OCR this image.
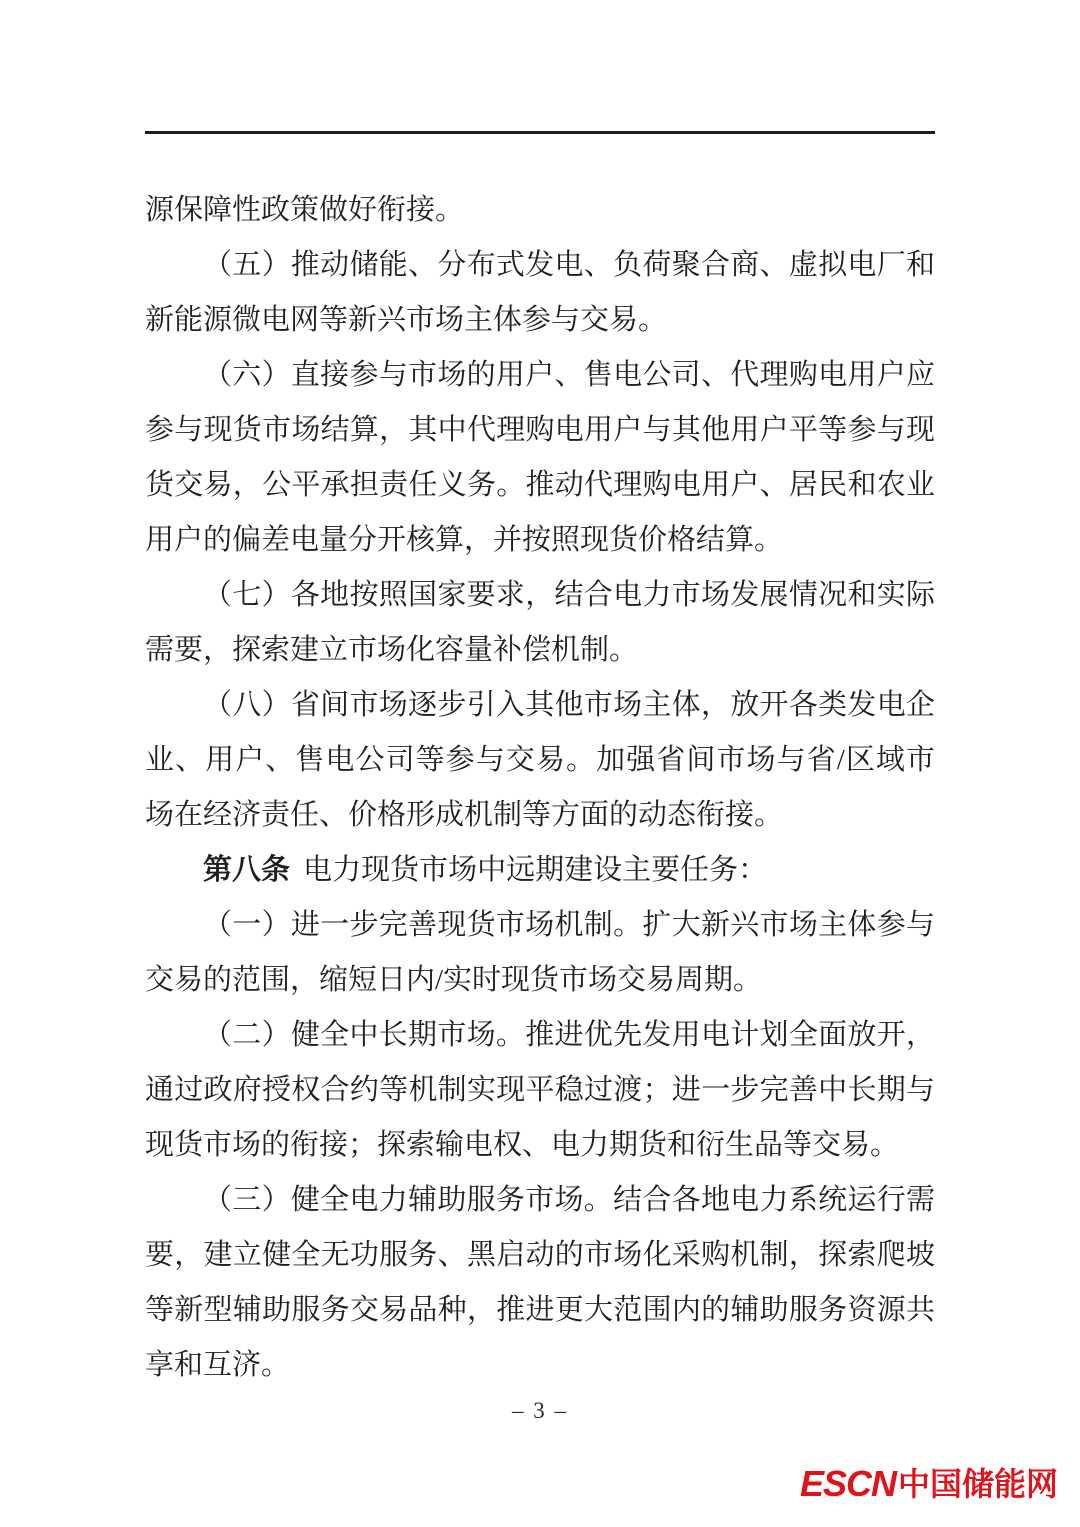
源保障性政策做好衔接。

（五）推动储能、分布式发电、负荷聚合商、虚拟电厂和新能源微电网等新兴市场主体参与交易。

（六）直接参与市场的用户、售电公司、代理购电用户应参与现货市场结算，其中代理购电用户与其他用户平等参与现货交易，公平承担责任义务。推动代理购电用户、居民和农业用户的偏差电量分开核算，并按照现货价格结算。

（七）各地按照国家要求，结合电力市场发展情况和实际需要，探索建立市场化容量补偿机制。

（八）省间市场逐步引入其他市场主体，放开各类发电企业、用户、售电公司等参与交易。加强省间市场与省/区域市场在经济责任、价格形成机制等方面的动态衔接。

第八条 电力现货市场中远期建设主要任务：

（一）进一步完善现货市场机制。扩大新兴市场主体参与交易的范围，缩短日内/实时现货市场交易周期。

（二）健全中长期市场。推进优先发用电计划全面放开，通过政府授权合约等机制实现平稳过渡；进一步完善中长期与现货市场的衔接；探索输电权、电力期货和衍生品等交易。

（三）健全电力辅助服务市场。结合各地电力系统运行需要，建立健全无功服务、黑启动的市场化采购机制，探索爬坡等新型辅助服务交易品种，推进更大范围内的辅助服务资源共享和互济。

– 3 –
ESCN 中国储能网
